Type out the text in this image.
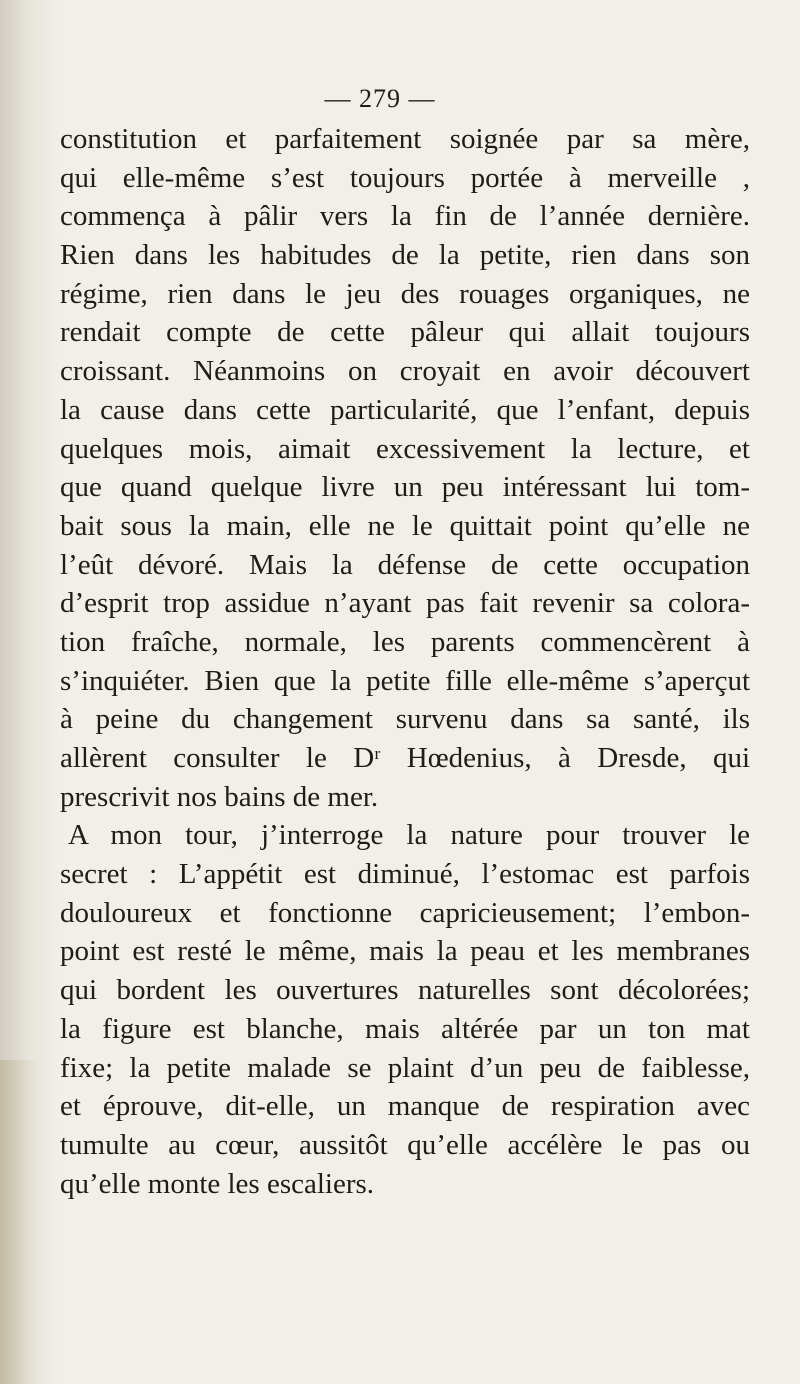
— 279 —
constitution et parfaitement soignée par sa mère,
qui elle-même s’est toujours portée à merveille ,
commença à pâlir vers la fin de l’année dernière.
Rien dans les habitudes de la petite, rien dans son
régime, rien dans le jeu des rouages organiques, ne
rendait compte de cette pâleur qui allait toujours
croissant. Néanmoins on croyait en avoir découvert
la cause dans cette particularité, que l’enfant, depuis
quelques mois, aimait excessivement la lecture, et
que quand quelque livre un peu intéressant lui tom-
bait sous la main, elle ne le quittait point qu’elle ne
l’eût dévoré. Mais la défense de cette occupation
d’esprit trop assidue n’ayant pas fait revenir sa colora-
tion fraîche, normale, les parents commencèrent à
s’inquiéter. Bien que la petite fille elle-même s’aperçut
à peine du changement survenu dans sa santé, ils
allèrent consulter le Dʳ Hœdenius, à Dresde, qui
prescrivit nos bains de mer.
A mon tour, j’interroge la nature pour trouver le
secret : L’appétit est diminué, l’estomac est parfois
douloureux et fonctionne capricieusement; l’embon-
point est resté le même, mais la peau et les membranes
qui bordent les ouvertures naturelles sont décolorées;
la figure est blanche, mais altérée par un ton mat
fixe; la petite malade se plaint d’un peu de faiblesse,
et éprouve, dit-elle, un manque de respiration avec
tumulte au cœur, aussitôt qu’elle accélère le pas ou
qu’elle monte les escaliers.
